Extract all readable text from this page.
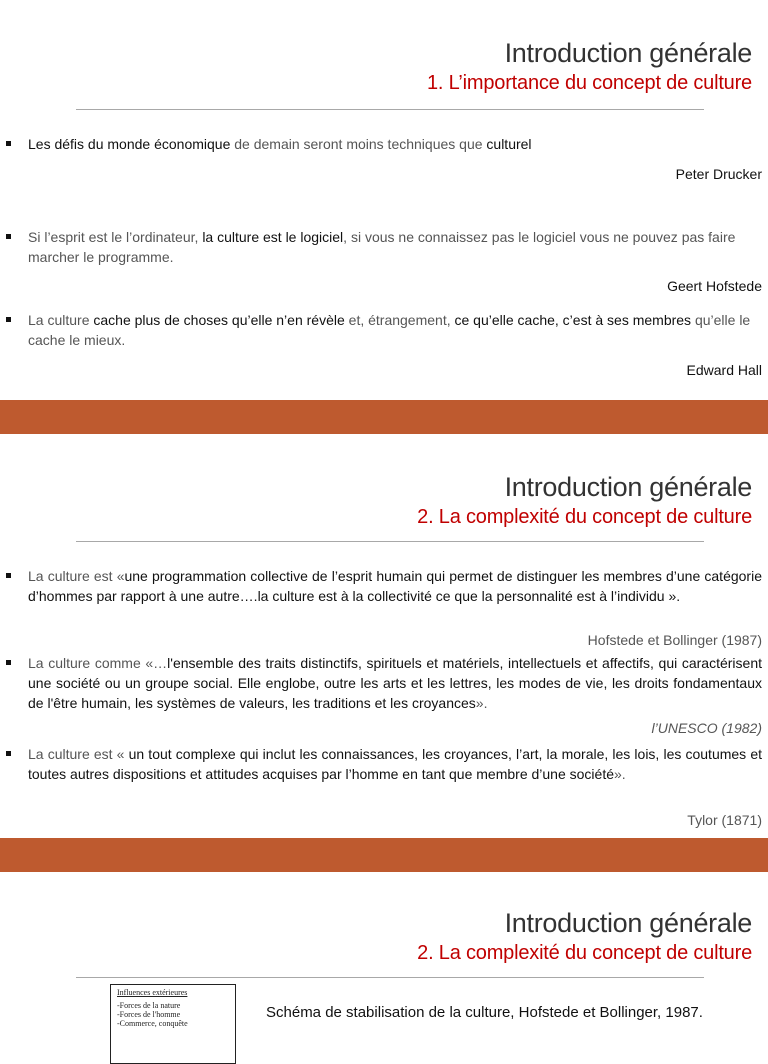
Introduction générale
1. L’importance du concept de culture
Les défis du monde économique de demain seront moins techniques que culturel
Peter Drucker
Si l’esprit est le l’ordinateur, la culture est le logiciel, si vous ne connaissez pas le logiciel vous ne pouvez pas faire marcher le programme.
Geert Hofstede
La culture cache plus de choses qu’elle n’en révèle et, étrangement, ce qu’elle cache, c’est à ses membres qu’elle le cache le mieux.
Edward Hall
Introduction générale
2. La complexité du concept de culture
La culture est «une programmation collective de l’esprit humain qui permet de distinguer les membres d’une catégorie d’hommes par rapport à une autre….la culture est à la collectivité ce que la personnalité est à l’individu ».
Hofstede et Bollinger (1987)
La culture comme «…l'ensemble des traits distinctifs, spirituels et matériels, intellectuels et affectifs, qui caractérisent une société ou un groupe social. Elle englobe, outre les arts et les lettres, les modes de vie, les droits fondamentaux de l'être humain, les systèmes de valeurs, les traditions et les croyances».
l’UNESCO (1982)
La culture est « un tout complexe qui inclut les connaissances, les croyances, l’art, la morale, les lois, les coutumes et toutes autres dispositions et attitudes acquises par l’homme en tant que membre d’une société».
Tylor (1871)
Introduction générale
2. La complexité du concept de culture
Influences extérieures
-Forces de la nature
-Forces de l'homme
-Commerce, conquête
Schéma de stabilisation de la culture, Hofstede et Bollinger, 1987.
